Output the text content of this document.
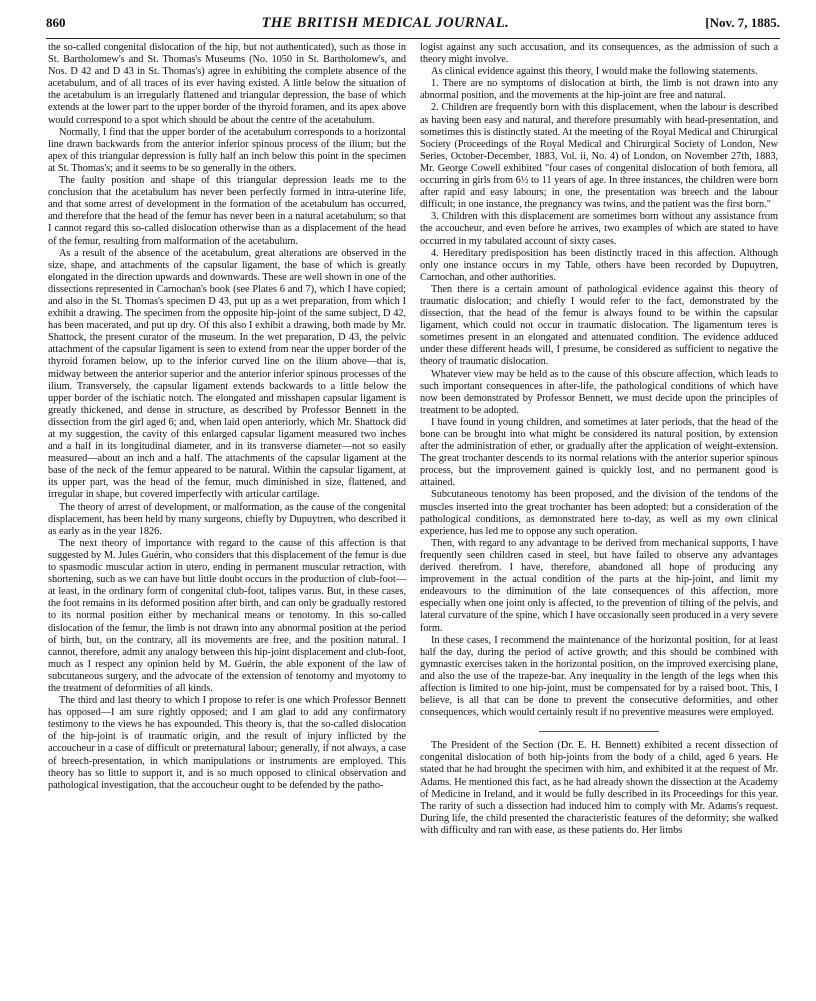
860	THE BRITISH MEDICAL JOURNAL.	[Nov. 7, 1885.

the so-called congenital dislocation of the hip, but not authenticated), such as those in St. Bartholomew's and St. Thomas's Museums (No. 1050 in St. Bartholomew's, and Nos. D 42 and D 43 in St. Thomas's) agree in exhibiting the complete absence of the acetabulum, and of all traces of its ever having existed. A little below the situation of the acetabulum is an irregularly flattened and triangular depression, the base of which extends at the lower part to the upper border of the thyroid foramen, and its apex above would correspond to a spot which should be about the centre of the acetabulum.

Normally, I find that the upper border of the acetabulum corresponds to a horizontal line drawn backwards from the anterior inferior spinous process of the ilium; but the apex of this triangular depression is fully half an inch below this point in the specimen at St. Thomas's; and it seems to be so generally in the others.

The faulty position and shape of this triangular depression leads me to the conclusion that the acetabulum has never been perfectly formed in intra-uterine life, and that some arrest of development in the formation of the acetabulum has occurred, and therefore that the head of the femur has never been in a natural acetabulum; so that I cannot regard this so-called dislocation otherwise than as a displacement of the head of the femur, resulting from malformation of the acetabulum.

As a result of the absence of the acetabulum, great alterations are observed in the size, shape, and attachments of the capsular ligament, the base of which is greatly elongated in the direction upwards and downwards. These are well shown in one of the dissections represented in Carnochan's book (see Plates 6 and 7), which I have copied; and also in the St. Thomas's specimen D 43, put up as a wet preparation, from which I exhibit a drawing. The specimen from the opposite hip-joint of the same subject, D 42, has been macerated, and put up dry. Of this also I exhibit a drawing, both made by Mr. Shattock, the present curator of the museum. In the wet preparation, D 43, the pelvic attachment of the capsular ligament is seen to extend from near the upper border of the thyroid foramen below, up to the inferior curved line on the ilium above—that is, midway between the anterior superior and the anterior inferior spinous processes of the ilium. Transversely, the capsular ligament extends backwards to a little below the upper border of the ischiatic notch. The elongated and misshapen capsular ligament is greatly thickened, and dense in structure, as described by Professor Bennett in the dissection from the girl aged 6; and, when laid open anteriorly, which Mr. Shattock did at my suggestion, the cavity of this enlarged capsular ligament measured two inches and a half in its longitudinal diameter, and in its transverse diameter—not so easily measured—about an inch and a half. The attachments of the capsular ligament at the base of the neck of the femur appeared to be natural. Within the capsular ligament, at its upper part, was the head of the femur, much diminished in size, flattened, and irregular in shape, but covered imperfectly with articular cartilage.

The theory of arrest of development, or malformation, as the cause of the congenital displacement, has been held by many surgeons, chiefly by Dupuytren, who described it as early as in the year 1826.

The next theory of importance with regard to the cause of this affection is that suggested by M. Jules Guérin, who considers that this displacement of the femur is due to spasmodic muscular action in utero, ending in permanent muscular retraction, with shortening, such as we can have but little doubt occurs in the production of club-foot—at least, in the ordinary form of congenital club-foot, talipes varus. But, in these cases, the foot remains in its deformed position after birth, and can only be gradually restored to its normal position either by mechanical means or tenotomy. In this so-called dislocation of the femur, the limb is not drawn into any abnormal position at the period of birth, but, on the contrary, all its movements are free, and the position natural. I cannot, therefore, admit any analogy between this hip-joint displacement and club-foot, much as I respect any opinion held by M. Guérin, the able exponent of the law of subcutaneous surgery, and the advocate of the extension of tenotomy and myotomy to the treatment of deformities of all kinds.

The third and last theory to which I propose to refer is one which Professor Bennett has opposed—I am sure rightly opposed; and I am glad to add any confirmatory testimony to the views he has expounded. This theory is, that the so-called dislocation of the hip-joint is of traumatic origin, and the result of injury inflicted by the accoucheur in a case of difficult or preternatural labour; generally, if not always, a case of breech-presentation, in which manipulations or instruments are employed. This theory has so little to support it, and is so much opposed to clinical observation and pathological investigation, that the accoucheur ought to be defended by the patho-

logist against any such accusation, and its consequences, as the admission of such a theory might involve.

As clinical evidence against this theory, I would make the following statements.

1. There are no symptoms of dislocation at birth, the limb is not drawn into any abnormal position, and the movements at the hip-joint are free and natural.

2. Children are frequently born with this displacement, when the labour is described as having been easy and natural, and therefore presumably with head-presentation, and sometimes this is distinctly stated. At the meeting of the Royal Medical and Chirurgical Society (Proceedings of the Royal Medical and Chirurgical Society of London, New Series, October-December, 1883, Vol. ii, No. 4) of London, on November 27th, 1883, Mr. George Cowell exhibited "four cases of congenital dislocation of both femora, all occurring in girls from 6½ to 11 years of age. In three instances, the children were born after rapid and easy labours; in one, the presentation was breech and the labour difficult; in one instance, the pregnancy was twins, and the patient was the first born."

3. Children with this displacement are sometimes born without any assistance from the accoucheur, and even before he arrives, two examples of which are stated to have occurred in my tabulated account of sixty cases.

4. Hereditary predisposition has been distinctly traced in this affection. Although only one instance occurs in my Table, others have been recorded by Dupuytren, Carnochan, and other authorities.

Then there is a certain amount of pathological evidence against this theory of traumatic dislocation; and chiefly I would refer to the fact, demonstrated by the dissection, that the head of the femur is always found to be within the capsular ligament, which could not occur in traumatic dislocation. The ligamentum teres is sometimes present in an elongated and attenuated condition. The evidence adduced under these different heads will, I presume, be considered as sufficient to negative the theory of traumatic dislocation.

Whatever view may be held as to the cause of this obscure affection, which leads to such important consequences in after-life, the pathological conditions of which have now been demonstrated by Professor Bennett, we must decide upon the principles of treatment to be adopted.

I have found in young children, and sometimes at later periods, that the head of the bone can be brought into what might be considered its natural position, by extension after the administration of ether, or gradually after the application of weight-extension. The great trochanter descends to its normal relations with the anterior superior spinous process, but the improvement gained is quickly lost, and no permanent good is attained.

Subcutaneous tenotomy has been proposed, and the division of the tendons of the muscles inserted into the great trochanter has been adopted: but a consideration of the pathological conditions, as demonstrated here to-day, as well as my own clinical experience, has led me to oppose any such operation.

Then, with regard to any advantage to be derived from mechanical supports, I have frequently seen children cased in steel, but have failed to observe any advantages derived therefrom. I have, therefore, abandoned all hope of producing any improvement in the actual condition of the parts at the hip-joint, and limit my endeavours to the diminution of the late consequences of this affection, more especially when one joint only is affected, to the prevention of tilting of the pelvis, and lateral curvature of the spine, which I have occasionally seen produced in a very severe form.

In these cases, I recommend the maintenance of the horizontal position, for at least half the day, during the period of active growth; and this should be combined with gymnastic exercises taken in the horizontal position, on the improved exercising plane, and also the use of the trapeze-bar. Any inequality in the length of the legs when this affection is limited to one hip-joint, must be compensated for by a raised boot. This, I believe, is all that can be done to prevent the consecutive deformities, and other consequences, which would certainly result if no preventive measures were employed.

The President of the Section (Dr. E. H. Bennett) exhibited a recent dissection of congenital dislocation of both hip-joints from the body of a child, aged 6 years. He stated that he had brought the specimen with him, and exhibited it at the request of Mr. Adams. He mentioned this fact, as he had already shown the dissection at the Academy of Medicine in Ireland, and it would be fully described in its Proceedings for this year. The rarity of such a dissection had induced him to comply with Mr. Adams's request. During life, the child presented the characteristic features of the deformity; she walked with difficulty and ran with ease, as these patients do. Her limbs
